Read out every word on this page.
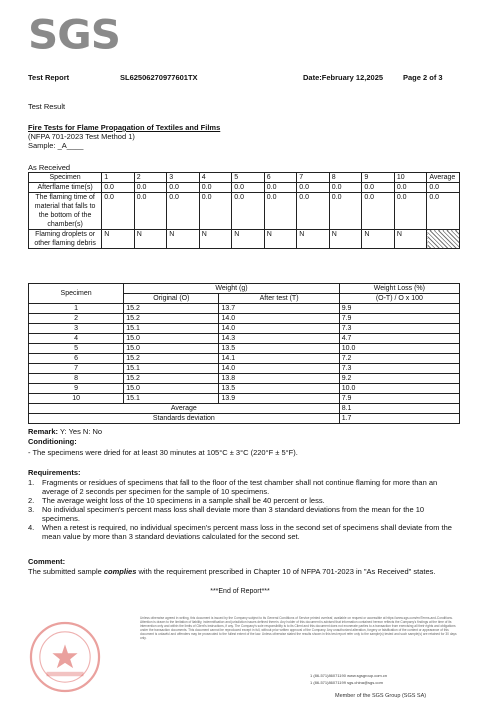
SGS
Test Report	SL62506270977601TX	Date:February 12,2025	Page 2 of 3
Test Result
Fire Tests for Flame Propagation of Textiles and Films
(NFPA 701-2023 Test Method 1)
Sample: _A____
As Received
Specimen	1	2	3	4	5	6	7	8	9	10	Average
Afterflame time(s)	0.0	0.0	0.0	0.0	0.0	0.0	0.0	0.0	0.0	0.0	0.0
The flaming time of material that falls to the bottom of the chamber(s)	0.0	0.0	0.0	0.0	0.0	0.0	0.0	0.0	0.0	0.0	0.0
Flaming droplets or other flaming debris	N	N	N	N	N	N	N	N	N	N	
Specimen	Weight (g)		Weight Loss (%)
	Original (O)	After test (T)	(O-T) / O x 100
1	15.2	13.7	9.9
2	15.2	14.0	7.9
3	15.1	14.0	7.3
4	15.0	14.3	4.7
5	15.0	13.5	10.0
6	15.2	14.1	7.2
7	15.1	14.0	7.3
8	15.2	13.8	9.2
9	15.0	13.5	10.0
10	15.1	13.9	7.9
Average			8.1
Standards deviation			1.7
Remark: Y: Yes N: No
Conditioning:
- The specimens were dried for at least 30 minutes at 105°C ± 3°C (220°F ± 5°F).
Requirements:
1. Fragments or residues of specimens that fall to the floor of the test chamber shall not continue flaming for more than an average of 2 seconds per specimen for the sample of 10 specimens.
2. The average weight loss of the 10 specimens in a sample shall be 40 percent or less.
3. No individual specimen's percent mass loss shall deviate more than 3 standard deviations from the mean for the 10 specimens.
4. When a retest is required, no individual specimen's percent mass loss in the second set of specimens shall deviate from the mean value by more than 3 standard deviations calculated for the second set.
Comment:
The submitted sample complies with the requirement prescribed in Chapter 10 of NFPA 701-2023 in "As Received" states.
***End of Report***
Unless otherwise agreed in writing, this document is issued by the Company subject to its General Conditions of Service printed overleaf, available on request or accessible at https://www.sgs.com/en/Terms-and-Conditions. Attention is drawn to the limitation of liability, indemnification and jurisdiction issues defined therein. Any holder of this document is advised that information contained hereon reflects the Company's findings at the time of its intervention only and within the limits of Client's instructions, if any. The Company's sole responsibility is to its Client and this document does not exonerate parties to a transaction from exercising all their rights and obligations under the transaction documents. This document cannot be reproduced except in full, without prior written approval of the Company. Any unauthorized alteration, forgery or falsification of the content or appearance of this document is unlawful and offenders may be prosecuted to the fullest extent of the law. Unless otherwise stated the results shown in this test report refer only to the sample(s) tested and such sample(s) are retained for 30 days only.
1 (86-571)86071190 www.sgsgroup.com.cn
1 (86-571)86071199 sgs.china@sgs.com
Member of the SGS Group (SGS SA)
